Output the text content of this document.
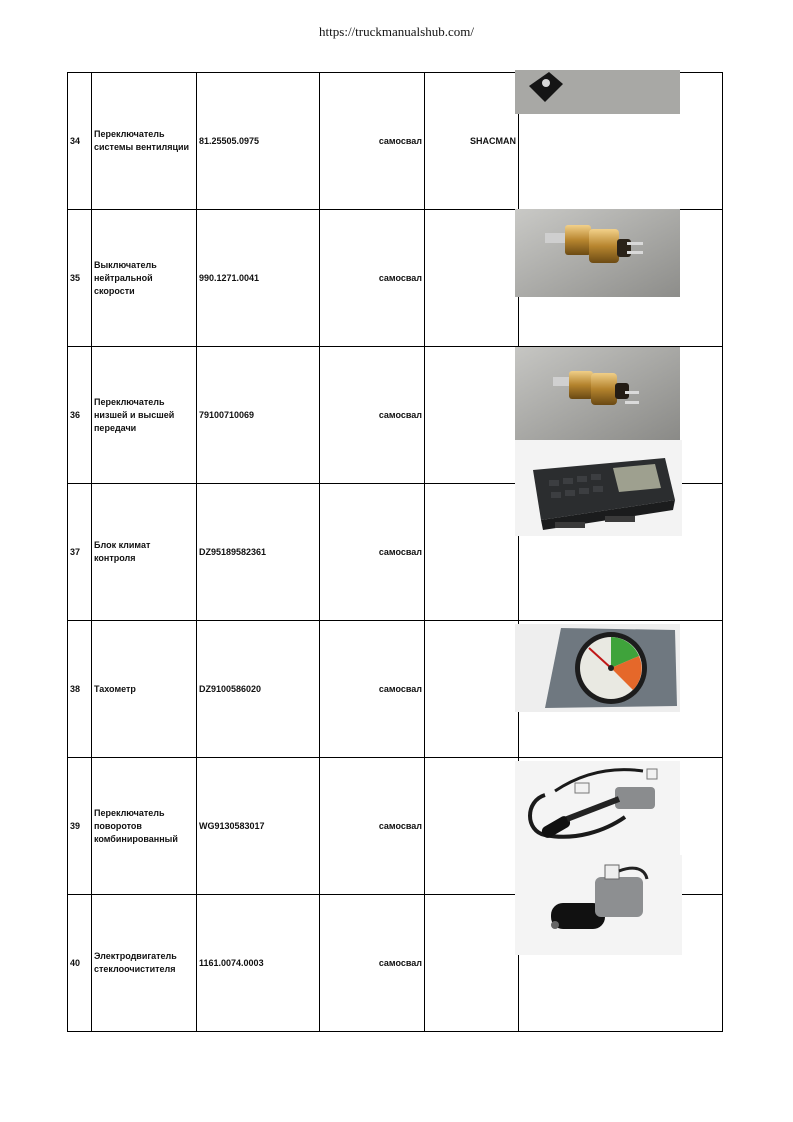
https://truckmanualshub.com/
34	Переключатель системы вентиляции	81.25505.0975	самосвал	SHACMAN	
35	Выключатель нейтральной скорости	990.1271.0041	самосвал		
36	Переключатель низшей и высшей передачи	79100710069	самосвал		
37	Блок климат контроля	DZ95189582361	самосвал		
38	Тахометр	DZ9100586020	самосвал		
39	Переключатель поворотов комбинированный	WG9130583017	самосвал		
40	Электродвигатель стеклоочистителя	1161.0074.0003	самосвал		
